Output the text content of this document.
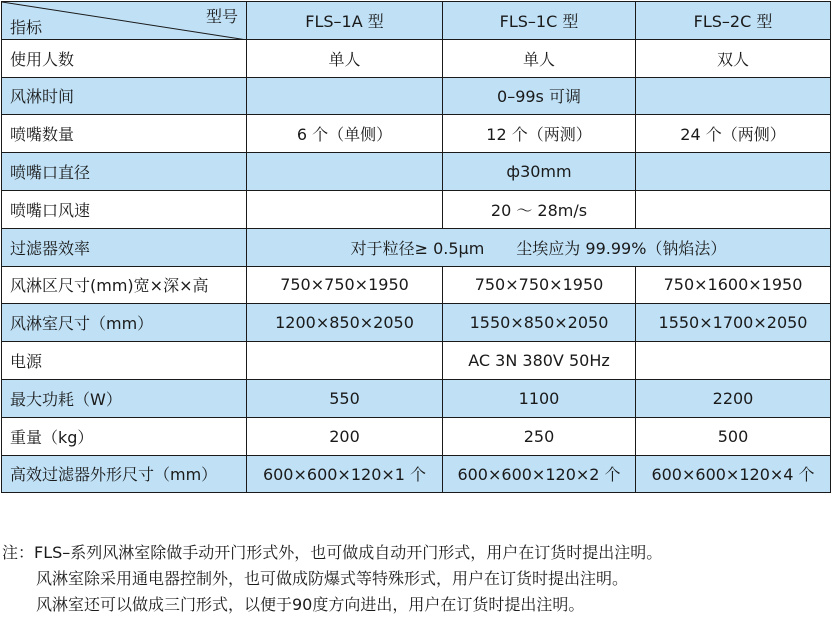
型号
指标	FLS–1A 型	FLS–1C 型	FLS–2C 型
使用人数	单人	单人	双人
风淋时间		0–99s 可调	
喷嘴数量	6 个（单侧）	12 个（两测）	24 个（两侧）
喷嘴口直径		ф30mm	
喷嘴口风速		20 ～ 28m/s	
过滤器效率	对于粒径≥ 0.5μm　　尘埃应为 99.99%（钠焰法）		
风淋区尺寸(mm)宽×深×高	750×750×1950	750×750×1950	750×1600×1950
风淋室尺寸（mm）	1200×850×2050	1550×850×2050	1550×1700×2050
电源		AC 3N 380V 50Hz	
最大功耗（W）	550	1100	2200
重量（kg）	200	250	500
高效过滤器外形尺寸（mm）	600×600×120×1 个	600×600×120×2 个	600×600×120×4 个
注：FLS–系列风淋室除做手动开门形式外，也可做成自动开门形式，用户在订货时提出注明。
风淋室除采用通电器控制外，也可做成防爆式等特殊形式，用户在订货时提出注明。
风淋室还可以做成三门形式，以便于90度方向进出，用户在订货时提出注明。
